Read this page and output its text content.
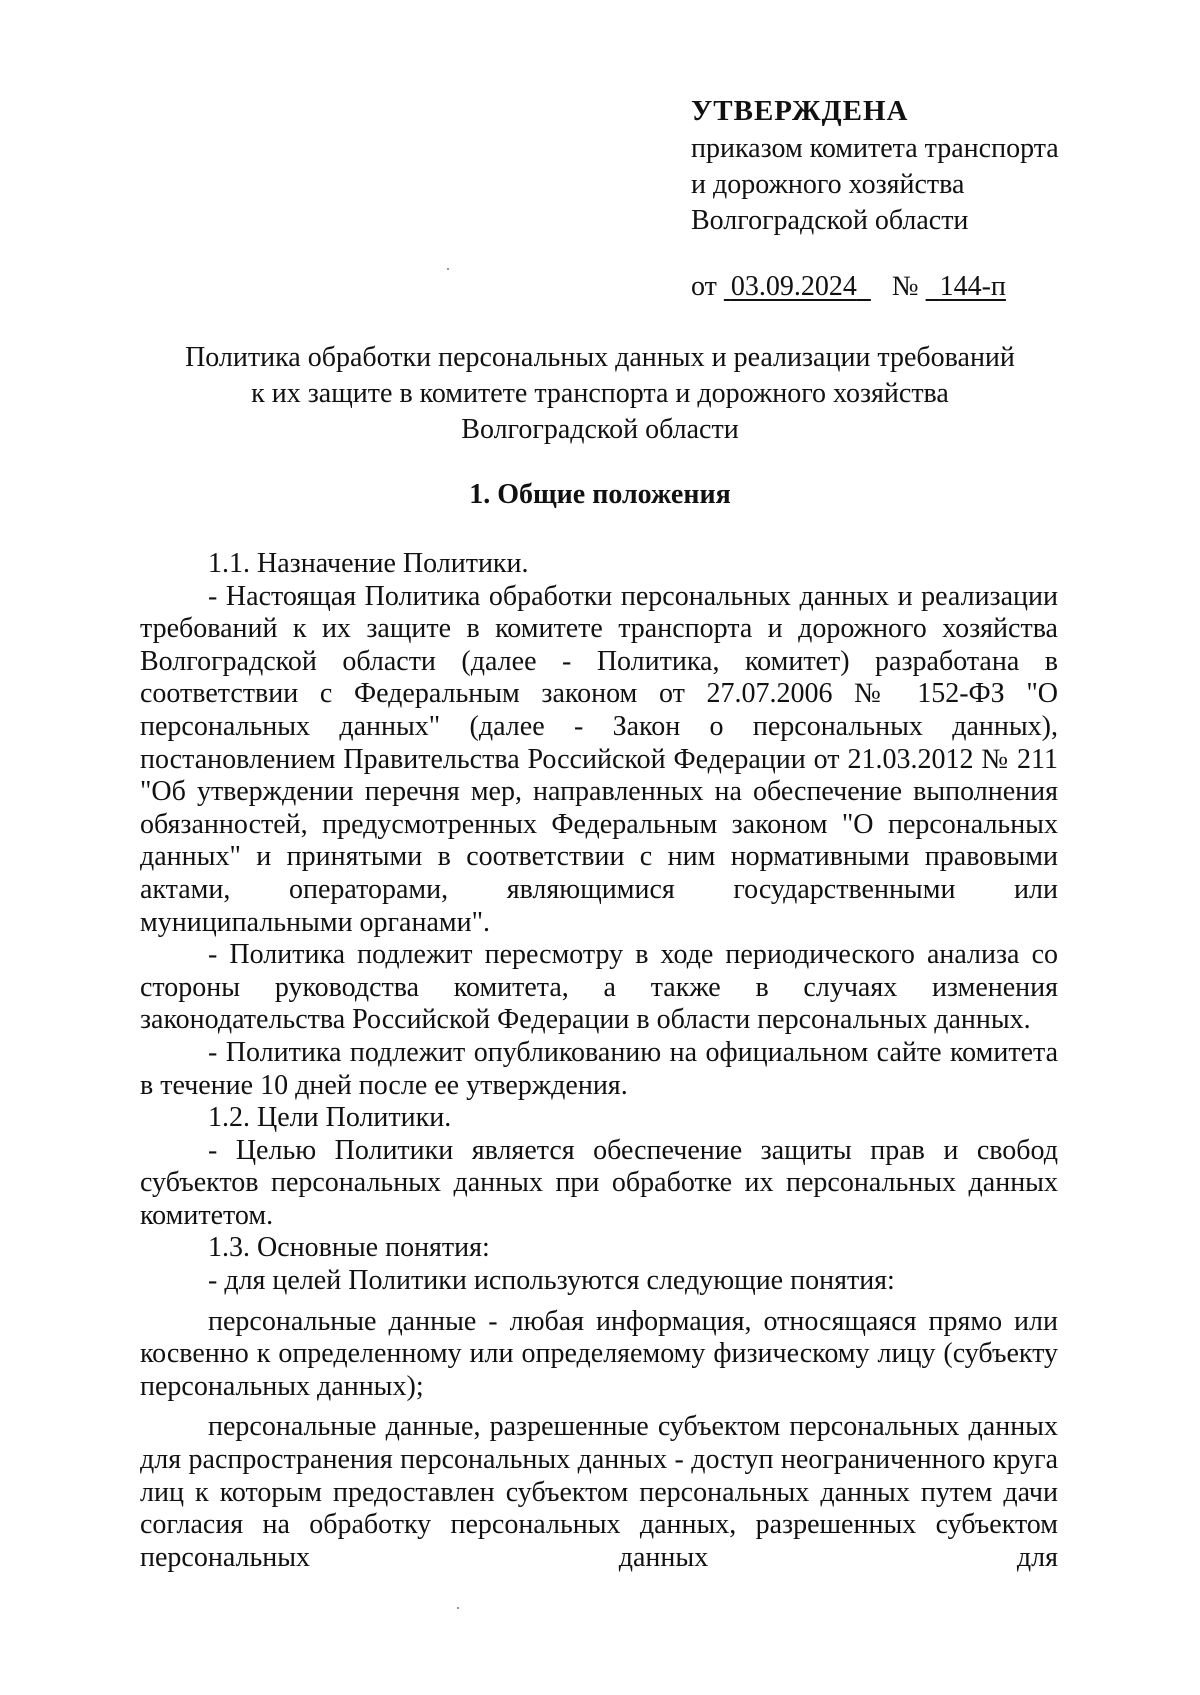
УТВЕРЖДЕНА
приказом комитета транспорта
и дорожного хозяйства
Волгоградской области
от 03.09.2024 № 144-п
Политика обработки персональных данных и реализации требований
к их защите в комитете транспорта и дорожного хозяйства
Волгоградской области
1. Общие положения

1.1. Назначение Политики.

- Настоящая Политика обработки персональных данных и реализации требований к их защите в комитете транспорта и дорожного хозяйства Волгоградской области (далее - Политика, комитет) разработана в соответствии с Федеральным законом от 27.07.2006 № 152-ФЗ "О персональных данных" (далее - Закон о персональных данных), постановлением Правительства Российской Федерации от 21.03.2012 № 211 "Об утверждении перечня мер, направленных на обеспечение выполнения обязанностей, предусмотренных Федеральным законом "О персональных данных" и принятыми в соответствии с ним нормативными правовыми актами, операторами, являющимися государственными или муниципальными органами".

- Политика подлежит пересмотру в ходе периодического анализа со стороны руководства комитета, а также в случаях изменения законодательства Российской Федерации в области персональных данных.

- Политика подлежит опубликованию на официальном сайте комитета в течение 10 дней после ее утверждения.

1.2. Цели Политики.

- Целью Политики является обеспечение защиты прав и свобод субъектов персональных данных при обработке их персональных данных комитетом.

1.3. Основные понятия:

- для целей Политики используются следующие понятия:

персональные данные - любая информация, относящаяся прямо или косвенно к определенному или определяемому физическому лицу (субъекту персональных данных);

персональные данные, разрешенные субъектом персональных данных для распространения персональных данных - доступ неограниченного круга лиц к которым предоставлен субъектом персональных данных путем дачи согласия на обработку персональных данных, разрешенных субъектом персональных данных для
